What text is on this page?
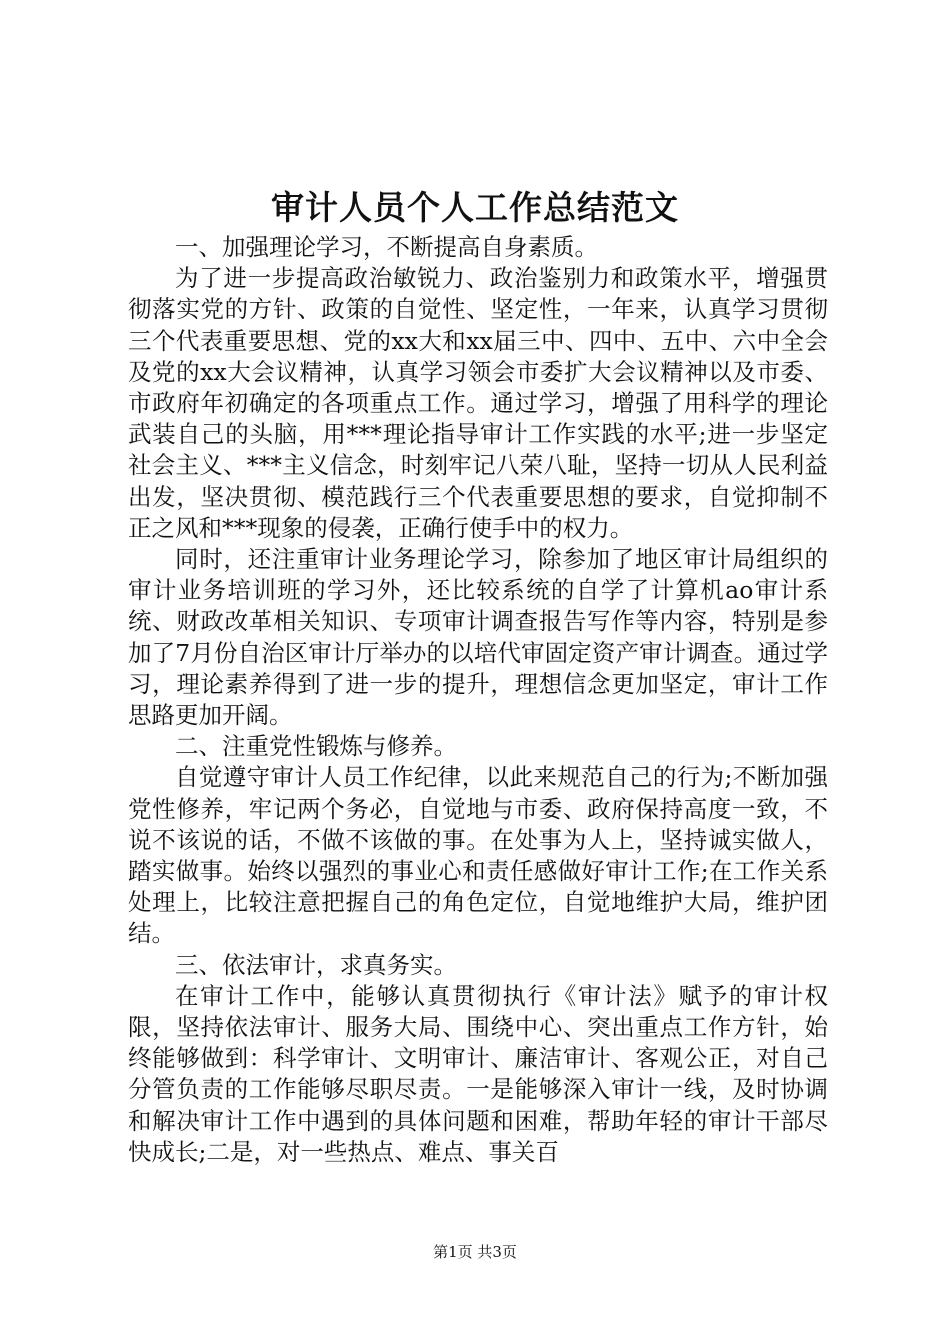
审计人员个人工作总结范文

一、加强理论学习，不断提高自身素质。

为了进一步提高政治敏锐力、政治鉴别力和政策水平，增强贯彻落实党的方针、政策的自觉性、坚定性，一年来，认真学习贯彻三个代表重要思想、党的xx大和xx届三中、四中、五中、六中全会及党的xx大会议精神，认真学习领会市委扩大会议精神以及市委、市政府年初确定的各项重点工作。通过学习，增强了用科学的理论武装自己的头脑，用***理论指导审计工作实践的水平;进一步坚定社会主义、***主义信念，时刻牢记八荣八耻，坚持一切从人民利益出发，坚决贯彻、模范践行三个代表重要思想的要求，自觉抑制不正之风和***现象的侵袭，正确行使手中的权力。

同时，还注重审计业务理论学习，除参加了地区审计局组织的审计业务培训班的学习外，还比较系统的自学了计算机ao审计系统、财政改革相关知识、专项审计调查报告写作等内容，特别是参加了7月份自治区审计厅举办的以培代审固定资产审计调查。通过学习，理论素养得到了进一步的提升，理想信念更加坚定，审计工作思路更加开阔。

二、注重党性锻炼与修养。

自觉遵守审计人员工作纪律，以此来规范自己的行为;不断加强党性修养，牢记两个务必，自觉地与市委、政府保持高度一致，不说不该说的话，不做不该做的事。在处事为人上，坚持诚实做人，踏实做事。始终以强烈的事业心和责任感做好审计工作;在工作关系处理上，比较注意把握自己的角色定位，自觉地维护大局，维护团结。

三、依法审计，求真务实。

在审计工作中，能够认真贯彻执行《审计法》赋予的审计权限，坚持依法审计、服务大局、围绕中心、突出重点工作方针，始终能够做到：科学审计、文明审计、廉洁审计、客观公正，对自己分管负责的工作能够尽职尽责。一是能够深入审计一线，及时协调和解决审计工作中遇到的具体问题和困难，帮助年轻的审计干部尽快成长;二是，对一些热点、难点、事关百

第1页 共3页
